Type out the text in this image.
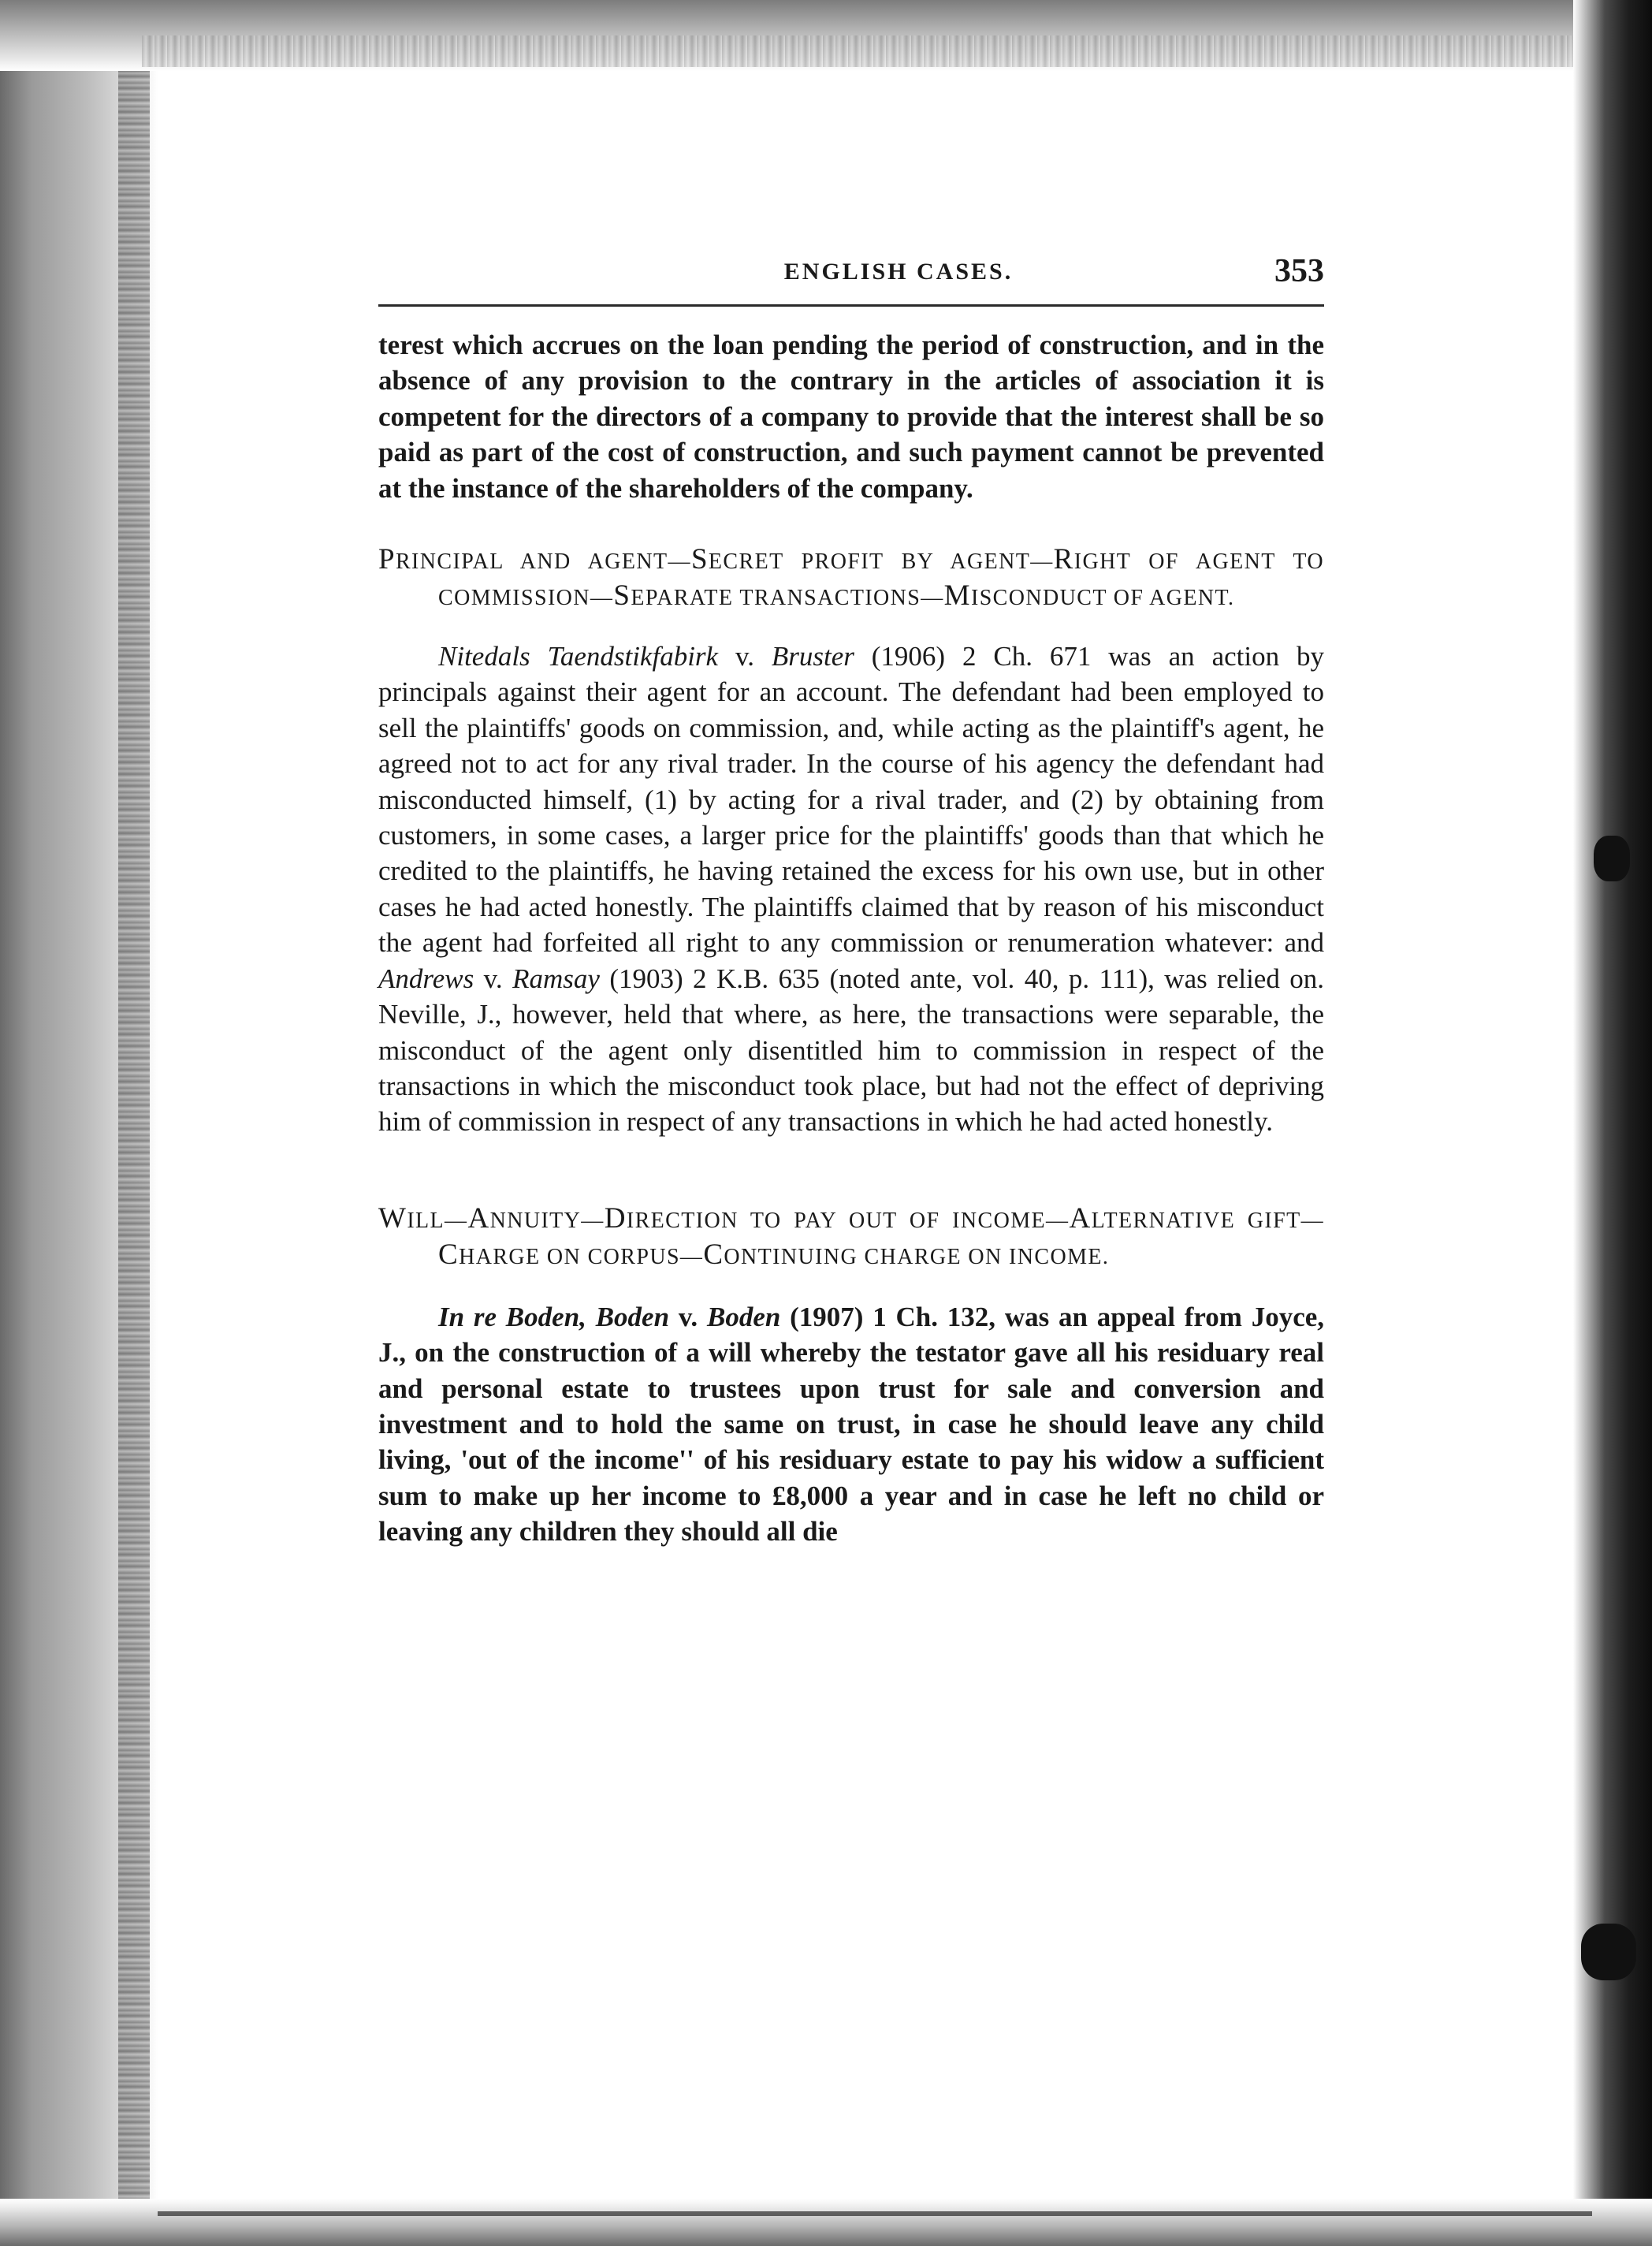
ENGLISH CASES.	353

terest which accrues on the loan pending the period of construction, and in the absence of any provision to the contrary in the articles of association it is competent for the directors of a company to provide that the interest shall be so paid as part of the cost of construction, and such payment cannot be prevented at the instance of the shareholders of the company.

PRINCIPAL AND AGENT—SECRET PROFIT BY AGENT—RIGHT OF AGENT TO COMMISSION—SEPARATE TRANSACTIONS—MISCONDUCT OF AGENT.

Nitedals Taendstikfabirk v. Bruster (1906) 2 Ch. 671 was an action by principals against their agent for an account. The defendant had been employed to sell the plaintiffs' goods on commission, and, while acting as the plaintiff's agent, he agreed not to act for any rival trader. In the course of his agency the defendant had misconducted himself, (1) by acting for a rival trader, and (2) by obtaining from customers, in some cases, a larger price for the plaintiffs' goods than that which he credited to the plaintiffs, he having retained the excess for his own use, but in other cases he had acted honestly. The plaintiffs claimed that by reason of his misconduct the agent had forfeited all right to any commission or renumeration whatever: and Andrews v. Ramsay (1903) 2 K.B. 635 (noted ante, vol. 40, p. 111), was relied on. Neville, J., however, held that where, as here, the transactions were separable, the misconduct of the agent only disentitled him to commission in respect of the transactions in which the misconduct took place, but had not the effect of depriving him of commission in respect of any transactions in which he had acted honestly.

WILL—ANNUITY—DIRECTION TO PAY OUT OF INCOME—ALTERNATIVE GIFT—CHARGE ON CORPUS—CONTINUING CHARGE ON INCOME.

In re Boden, Boden v. Boden (1907) 1 Ch. 132, was an appeal from Joyce, J., on the construction of a will whereby the testator gave all his residuary real and personal estate to trustees upon trust for sale and conversion and investment and to hold the same on trust, in case he should leave any child living, 'out of the income'' of his residuary estate to pay his widow a sufficient sum to make up her income to £8,000 a year and in case he left no child or leaving any children they should all die
